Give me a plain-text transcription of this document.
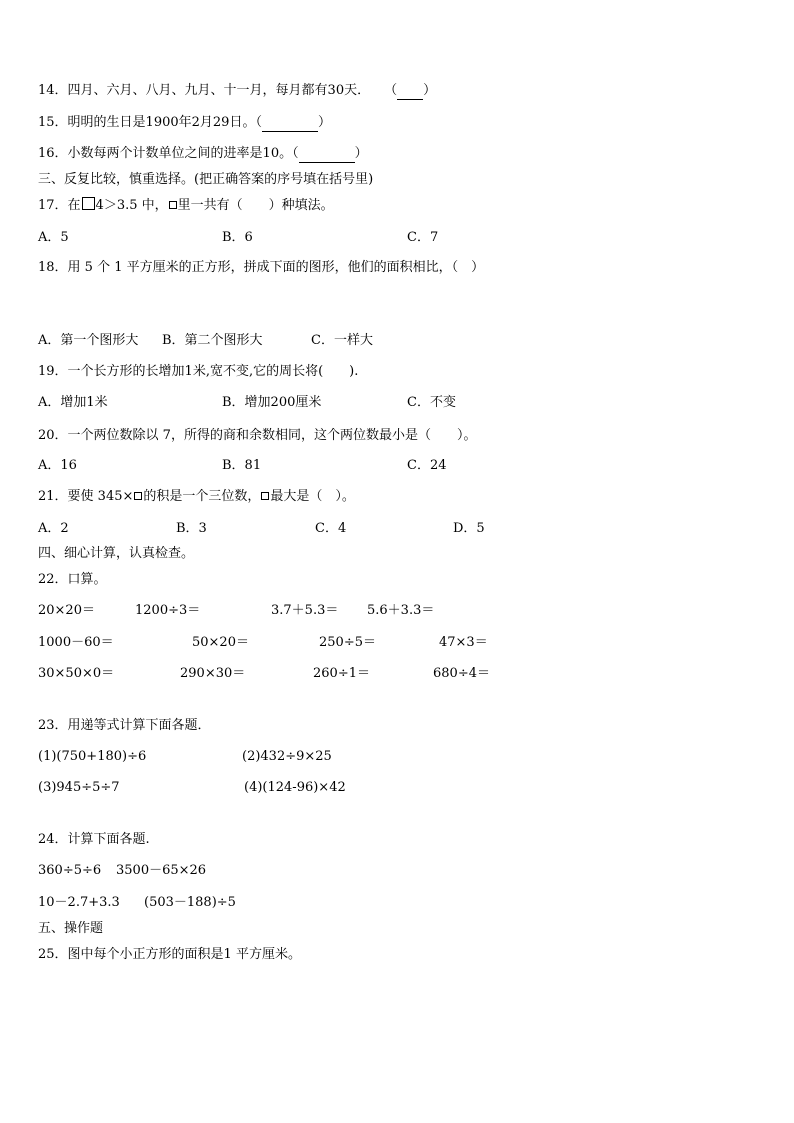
14．四月、六月、八月、九月、十一月，每月都有30天． （ ）
15．明明的生日是1900年2月29日。（	）
16．小数每两个计数单位之间的进率是10。（	）
三、反复比较，慎重选择。(把正确答案的序号填在括号里)
17．在 4＞3.5 中， 里一共有（　　）种填法。
A．5	B．6	C．7
18．用 5 个 1 平方厘米的正方形，拼成下面的图形，他们的面积相比，（　）
A．第一个图形大 B．第二个图形大	C．一样大
19．一个长方形的长增加1米,宽不变,它的周长将(　　).
A．增加1米	B．增加200厘米	C．不变
20．一个两位数除以 7，所得的商和余数相同，这个两位数最小是（　　）。
A．16	B．81	C．24
21．要使 345× 的积是一个三位数， 最大是（　）。
A．2	B．3	C．4	D．5
四、细心计算，认真检查。
22．口算。
20×20＝	1200÷3＝	3.7＋5.3＝ 5.6＋3.3＝
1000－60＝	50×20＝	250÷5＝	47×3＝
30×50×0＝	290×30＝	260÷1＝	680÷4＝
23．用递等式计算下面各题．
(1)(750+180)÷6	(2)432÷9×25
(3)945÷5÷7	(4)(124-96)×42
24．计算下面各题.
360÷5÷6 3500－65×26
10－2.7+3.3 (503－188)÷5
五、操作题
25．图中每个小正方形的面积是1 平方厘米。
